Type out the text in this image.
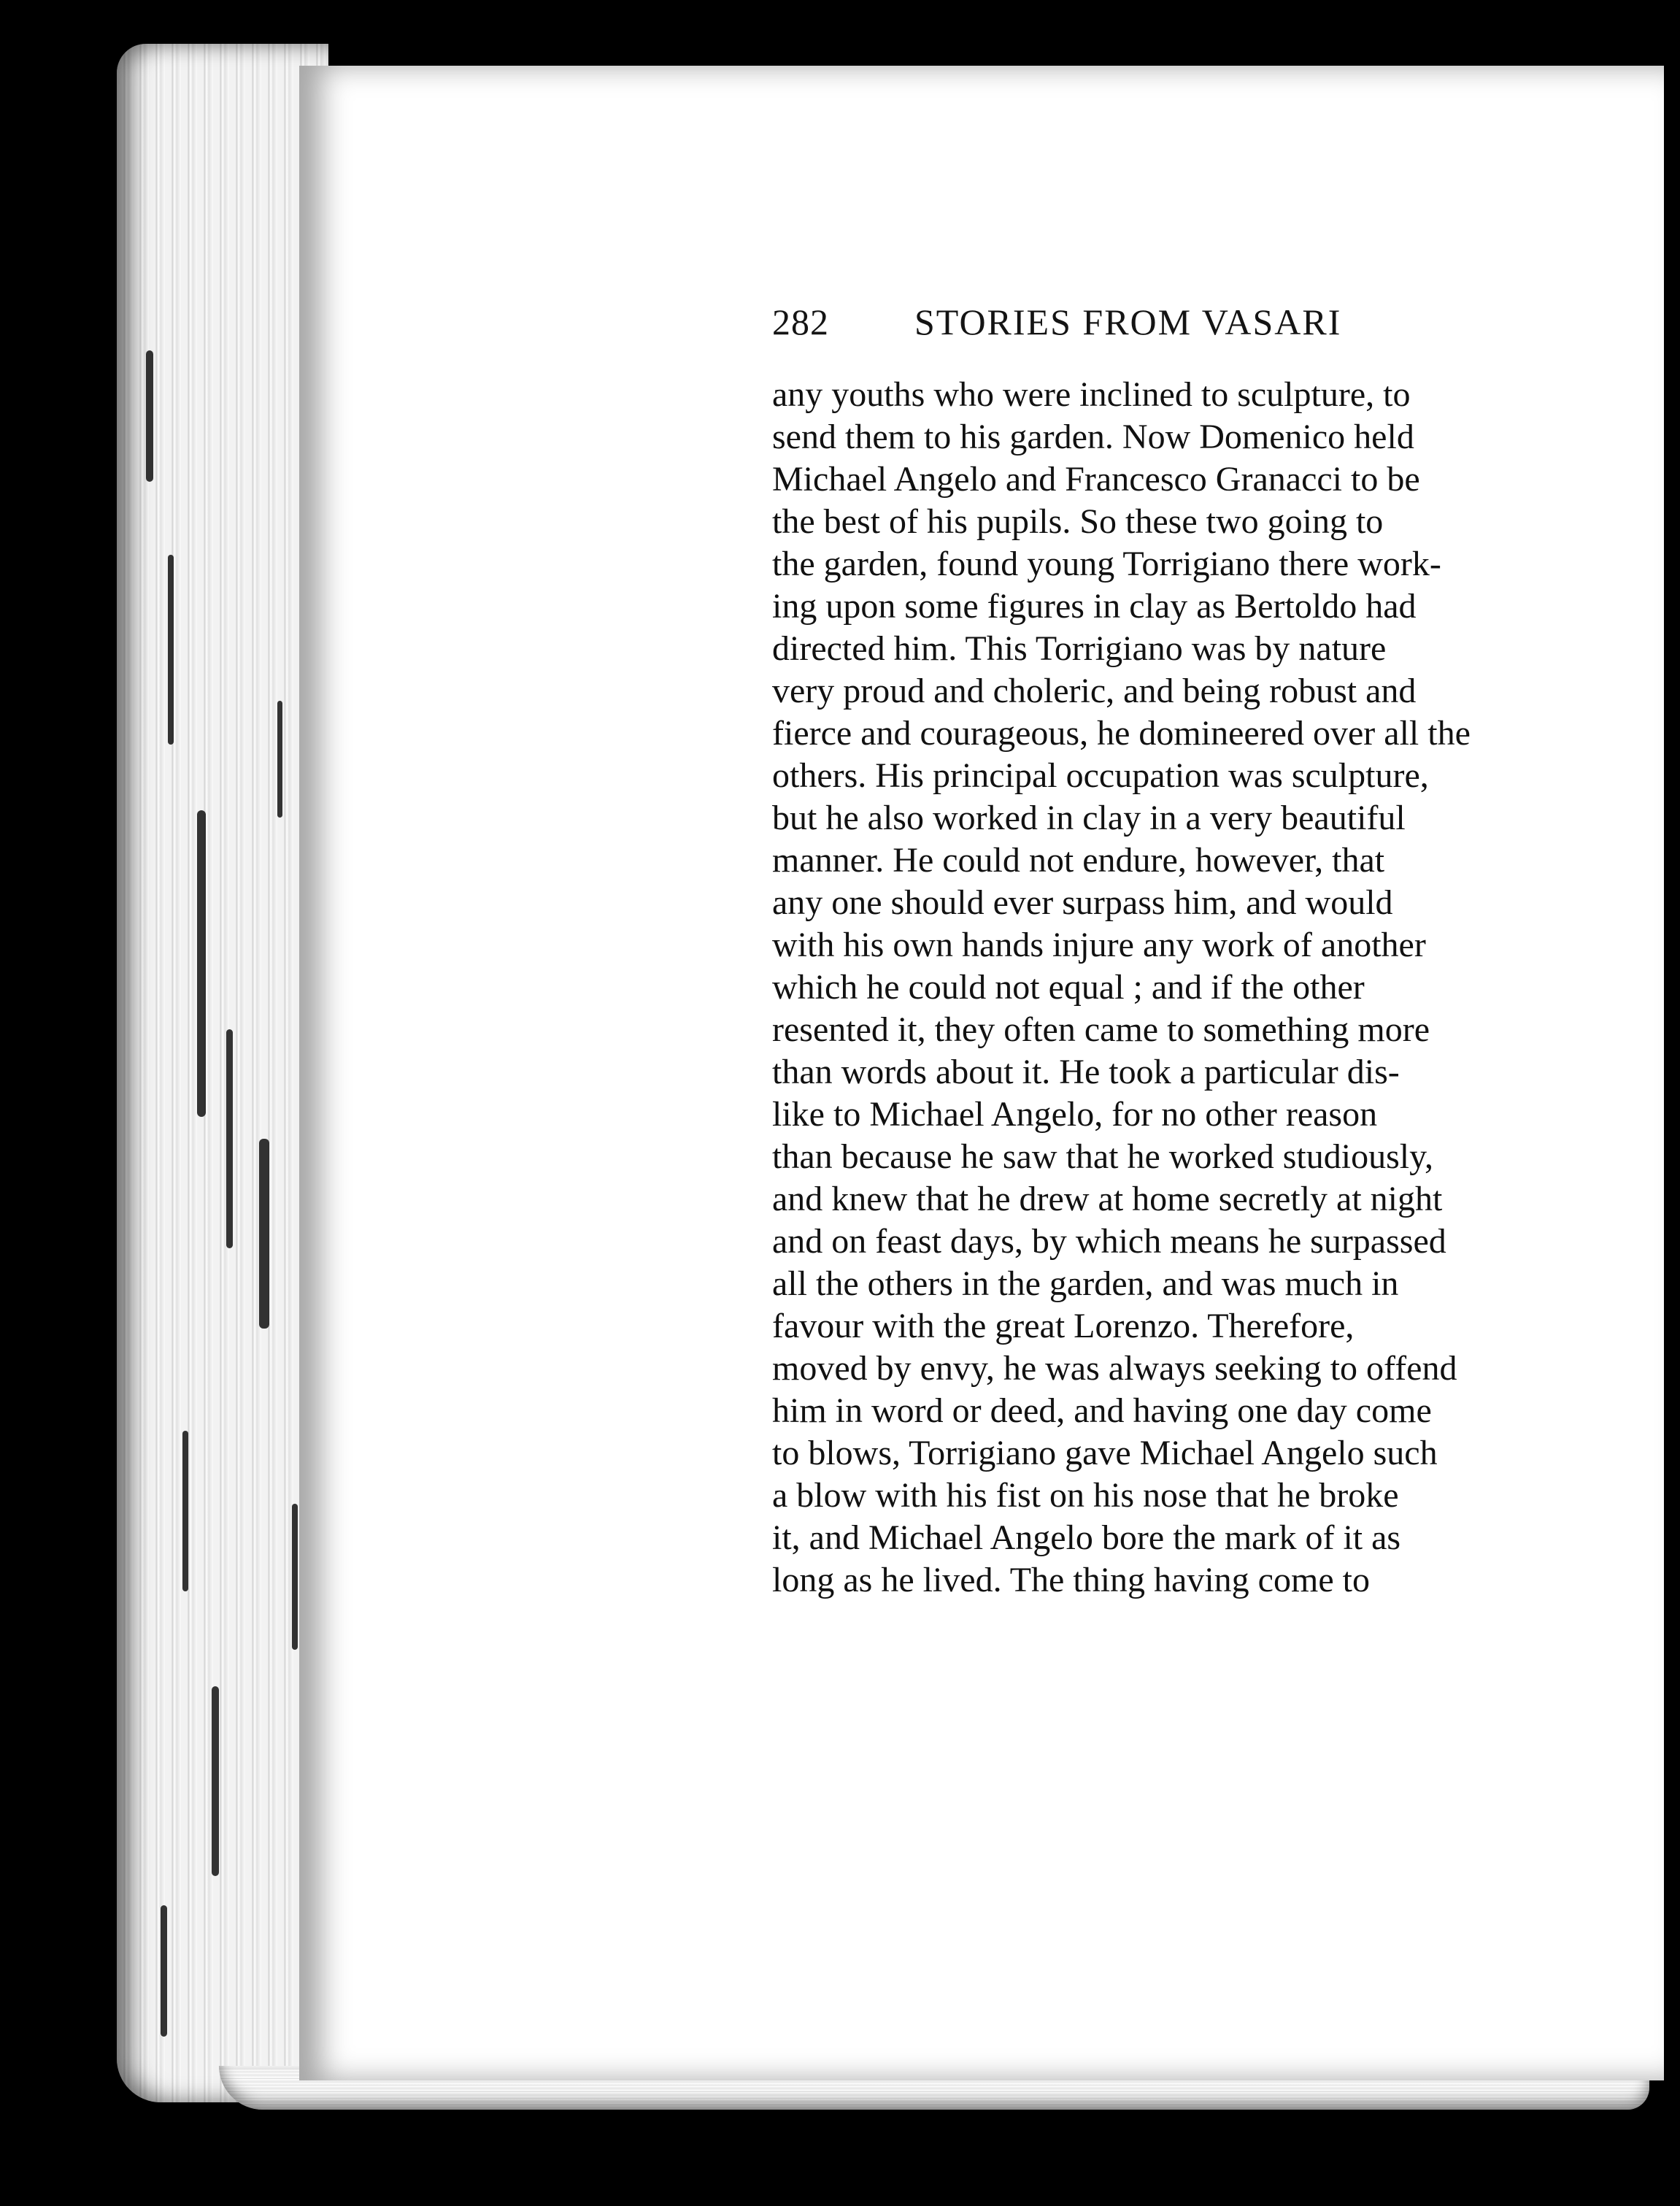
282 STORIES FROM VASARI
any youths who were inclined to sculpture, to
send them to his garden. Now Domenico held
Michael Angelo and Francesco Granacci to be
the best of his pupils. So these two going to
the garden, found young Torrigiano there work-
ing upon some figures in clay as Bertoldo had
directed him. This Torrigiano was by nature
very proud and choleric, and being robust and
fierce and courageous, he domineered over all the
others. His principal occupation was sculpture,
but he also worked in clay in a very beautiful
manner. He could not endure, however, that
any one should ever surpass him, and would
with his own hands injure any work of another
which he could not equal ; and if the other
resented it, they often came to something more
than words about it. He took a particular dis-
like to Michael Angelo, for no other reason
than because he saw that he worked studiously,
and knew that he drew at home secretly at night
and on feast days, by which means he surpassed
all the others in the garden, and was much in
favour with the great Lorenzo. Therefore,
moved by envy, he was always seeking to offend
him in word or deed, and having one day come
to blows, Torrigiano gave Michael Angelo such
a blow with his fist on his nose that he broke
it, and Michael Angelo bore the mark of it as
long as he lived. The thing having come to
